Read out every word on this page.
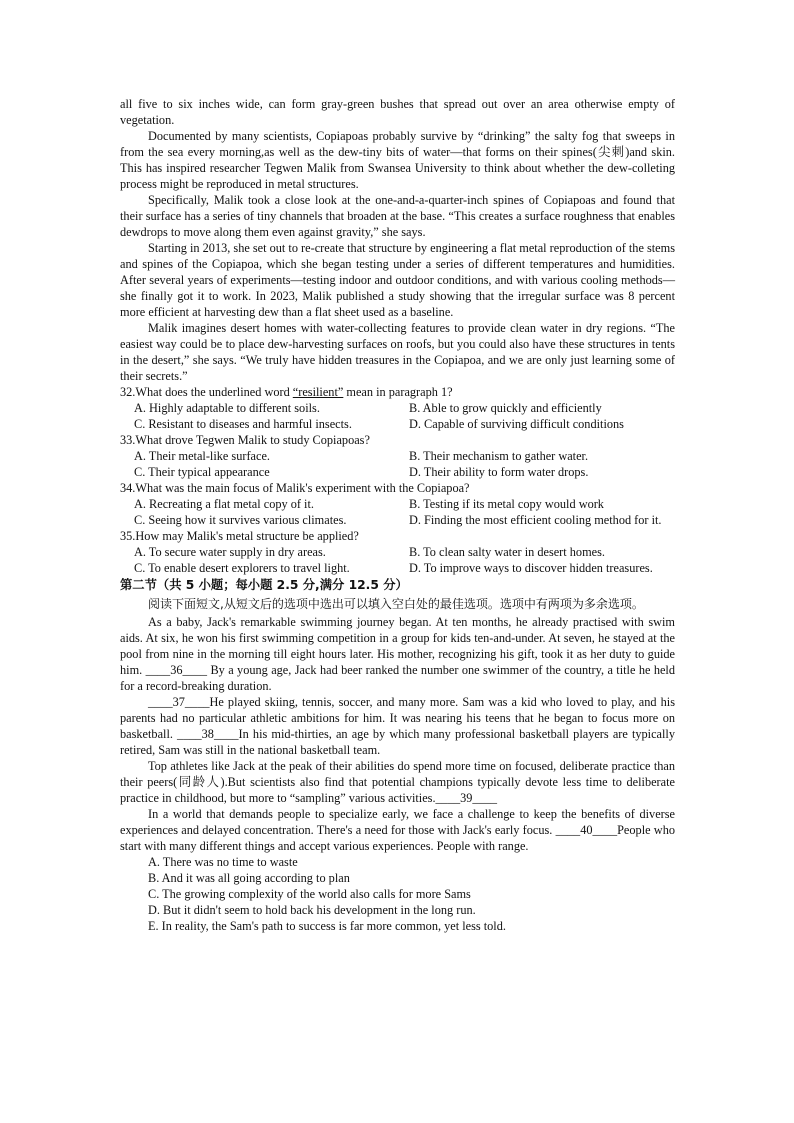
all five to six inches wide, can form gray-green bushes that spread out over an area otherwise empty of vegetation.

Documented by many scientists, Copiapoas probably survive by “drinking” the salty fog that sweeps in from the sea every morning,as well as the dew-tiny bits of water—that forms on their spines(尖刺)and skin. This has inspired researcher Tegwen Malik from Swansea University to think about whether the dew-colleting process might be reproduced in metal structures.

Specifically, Malik took a close look at the one-and-a-quarter-inch spines of Copiapoas and found that their surface has a series of tiny channels that broaden at the base. “This creates a surface roughness that enables dewdrops to move along them even against gravity,” she says.

Starting in 2013, she set out to re-create that structure by engineering a flat metal reproduction of the stems and spines of the Copiapoa, which she began testing under a series of different temperatures and humidities. After several years of experiments—testing indoor and outdoor conditions, and with various cooling methods—she finally got it to work. In 2023, Malik published a study showing that the irregular surface was 8 percent more efficient at harvesting dew than a flat sheet used as a baseline.

Malik imagines desert homes with water-collecting features to provide clean water in dry regions. “The easiest way could be to place dew-harvesting surfaces on roofs, but you could also have these structures in tents in the desert,” she says. “We truly have hidden treasures in the Copiapoa, and we are only just learning some of their secrets.”

32.What does the underlined word “resilient” mean in paragraph 1?

A. Highly adaptable to different soils.	B. Able to grow quickly and efficiently
C. Resistant to diseases and harmful insects.	D. Capable of surviving difficult conditions

33.What drove Tegwen Malik to study Copiapoas?

A. Their metal-like surface.	B. Their mechanism to gather water.
C. Their typical appearance	D. Their ability to form water drops.

34.What was the main focus of Malik's experiment with the Copiapoa?

A. Recreating a flat metal copy of it.	B. Testing if its metal copy would work
C. Seeing how it survives various climates.	D. Finding the most efficient cooling method for it.

35.How may Malik's metal structure be applied?

A. To secure water supply in dry areas.	B. To clean salty water in desert homes.
C. To enable desert explorers to travel light.	D. To improve ways to discover hidden treasures.

第二节（共 5 小题；每小题 2.5 分,满分 12.5 分）

阅读下面短文,从短文后的选项中选出可以填入空白处的最佳选项。选项中有两项为多余选项。

As a baby, Jack's remarkable swimming journey began. At ten months, he already practised with swim aids. At six, he won his first swimming competition in a group for kids ten-and-under. At seven, he stayed at the pool from nine in the morning till eight hours later. His mother, recognizing his gift, took it as her duty to guide him. ____36____ By a young age, Jack had beer ranked the number one swimmer of the country, a title he held for a record-breaking duration.

____37____He played skiing, tennis, soccer, and many more. Sam was a kid who loved to play, and his parents had no particular athletic ambitions for him. It was nearing his teens that he began to focus more on basketball. ____38____In his mid-thirties, an age by which many professional basketball players are typically retired, Sam was still in the national basketball team.

Top athletes like Jack at the peak of their abilities do spend more time on focused, deliberate practice than their peers(同龄人).But scientists also find that potential champions typically devote less time to deliberate practice in childhood, but more to “sampling” various activities.____39____

In a world that demands people to specialize early, we face a challenge to keep the benefits of diverse experiences and delayed concentration. There's a need for those with Jack's early focus. ____40____People who start with many different things and accept various experiences. People with range.

A. There was no time to waste

B. And it was all going according to plan

C. The growing complexity of the world also calls for more Sams

D. But it didn't seem to hold back his development in the long run.

E. In reality, the Sam's path to success is far more common, yet less told.
